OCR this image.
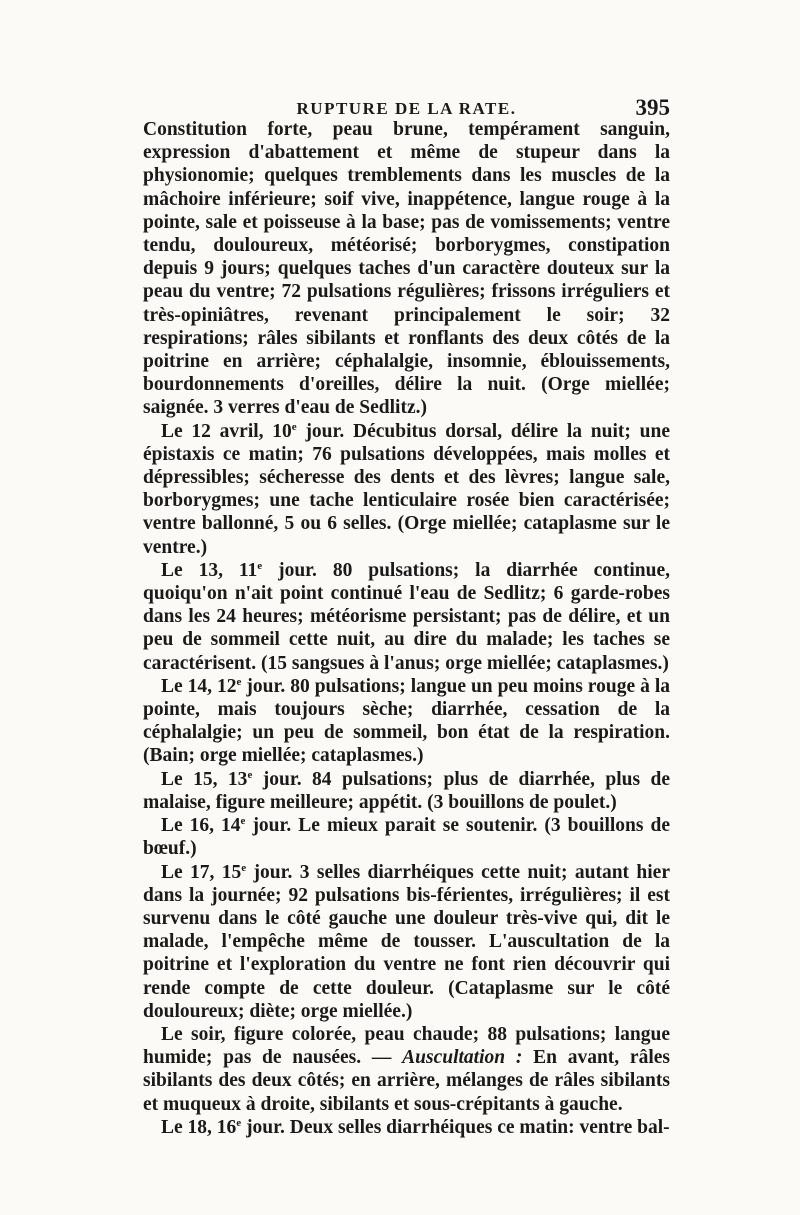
RUPTURE DE LA RATE.	395

Constitution forte, peau brune, tempérament sanguin, expression d'abattement et même de stupeur dans la physionomie; quelques tremblements dans les muscles de la mâchoire inférieure; soif vive, inappétence, langue rouge à la pointe, sale et poisseuse à la base; pas de vomissements; ventre tendu, douloureux, météorisé; borborygmes, constipation depuis 9 jours; quelques taches d'un caractère douteux sur la peau du ventre; 72 pulsations régulières; frissons irréguliers et très-opiniâtres, revenant principalement le soir; 32 respirations; râles sibilants et ronflants des deux côtés de la poitrine en arrière; céphalalgie, insomnie, éblouissements, bourdonnements d'oreilles, délire la nuit. (Orge miellée; saignée. 3 verres d'eau de Sedlitz.)

Le 12 avril, 10e jour. Décubitus dorsal, délire la nuit; une épistaxis ce matin; 76 pulsations développées, mais molles et dépressibles; sécheresse des dents et des lèvres; langue sale, borborygmes; une tache lenticulaire rosée bien caractérisée; ventre ballonné, 5 ou 6 selles. (Orge miellée; cataplasme sur le ventre.)

Le 13, 11e jour. 80 pulsations; la diarrhée continue, quoiqu'on n'ait point continué l'eau de Sedlitz; 6 garde-robes dans les 24 heures; météorisme persistant; pas de délire, et un peu de sommeil cette nuit, au dire du malade; les taches se caractérisent. (15 sangsues à l'anus; orge miellée; cataplasmes.)

Le 14, 12e jour. 80 pulsations; langue un peu moins rouge à la pointe, mais toujours sèche; diarrhée, cessation de la céphalalgie; un peu de sommeil, bon état de la respiration. (Bain; orge miellée; cataplasmes.)

Le 15, 13e jour. 84 pulsations; plus de diarrhée, plus de malaise, figure meilleure; appétit. (3 bouillons de poulet.)

Le 16, 14e jour. Le mieux parait se soutenir. (3 bouillons de bœuf.)

Le 17, 15e jour. 3 selles diarrhéiques cette nuit; autant hier dans la journée; 92 pulsations bis-férientes, irrégulières; il est survenu dans le côté gauche une douleur très-vive qui, dit le malade, l'empêche même de tousser. L'auscultation de la poitrine et l'exploration du ventre ne font rien découvrir qui rende compte de cette douleur. (Cataplasme sur le côté douloureux; diète; orge miellée.)

Le soir, figure colorée, peau chaude; 88 pulsations; langue humide; pas de nausées. — Auscultation : En avant, râles sibilants des deux côtés; en arrière, mélanges de râles sibilants et muqueux à droite, sibilants et sous-crépitants à gauche.

Le 18, 16e jour. Deux selles diarrhéiques ce matin: ventre bal-
